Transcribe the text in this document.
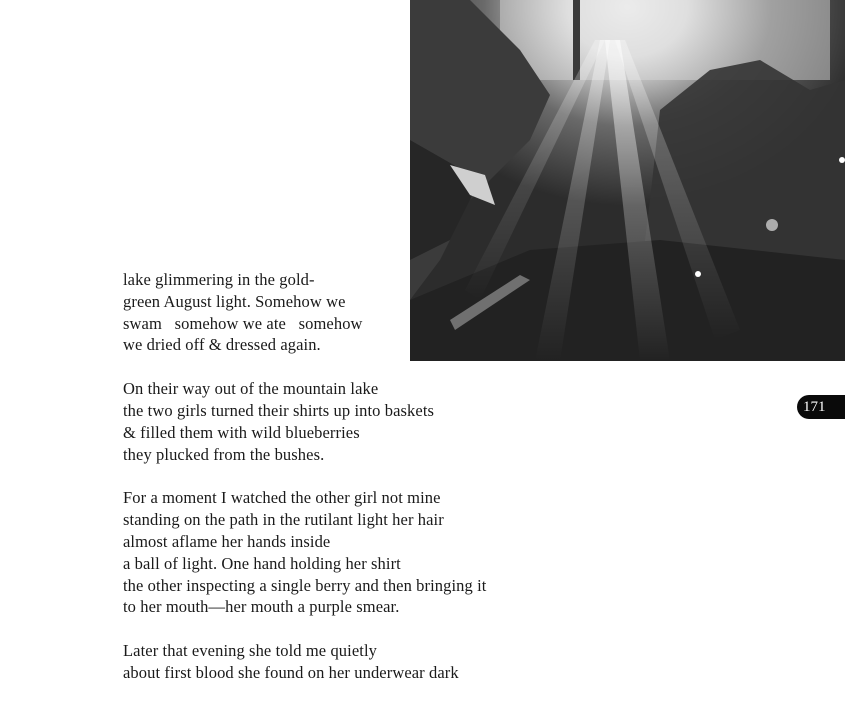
lake glimmering in the gold-
green August light. Somehow we
swam   somehow we ate   somehow
we dried off & dressed again.
On their way out of the mountain lake
the two girls turned their shirts up into baskets
& filled them with wild blueberries
they plucked from the bushes.
For a moment I watched the other girl not mine
standing on the path in the rutilant light her hair
almost aflame her hands inside
a ball of light. One hand holding her shirt
the other inspecting a single berry and then bringing it
to her mouth—her mouth a purple smear.
Later that evening she told me quietly
about first blood she found on her underwear dark
171
